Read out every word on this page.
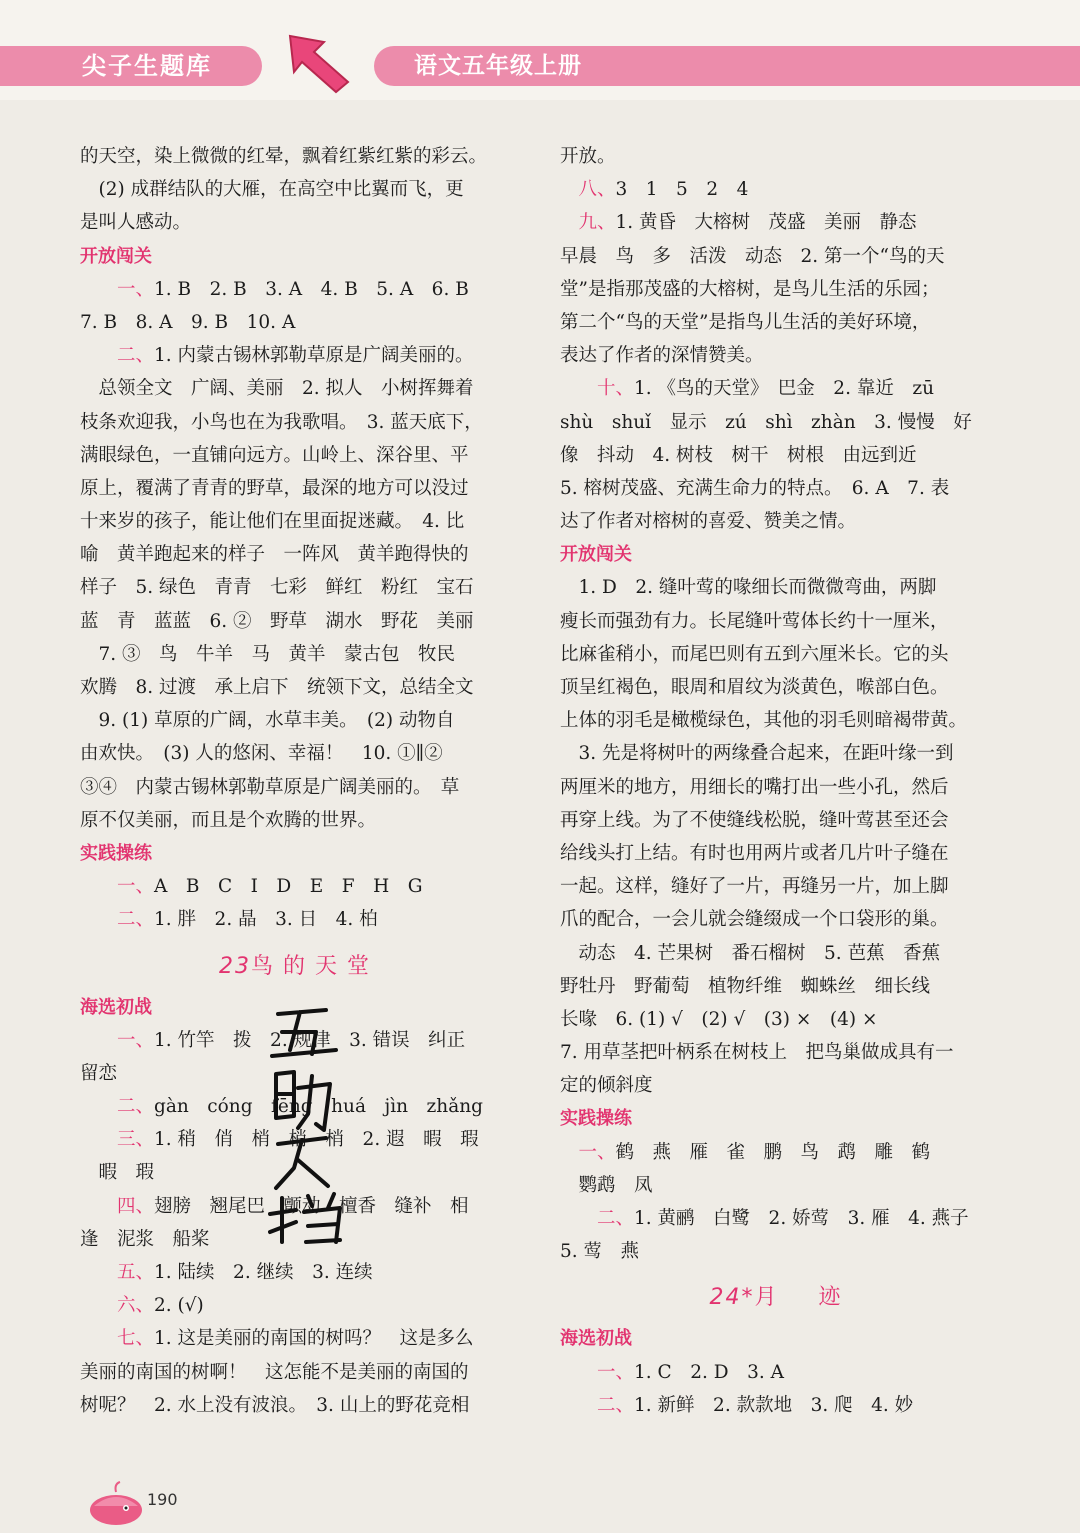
尖子生题库	语文五年级上册
的天空，染上微微的红晕，飘着红紫红紫的彩云。
　(2) 成群结队的大雁，在高空中比翼而飞，更
是叫人感动。
开放闯关
　　一、1. B　2. B　3. A　4. B　5. A　6. B
7. B　8. A　9. B　10. A
　　二、1. 内蒙古锡林郭勒草原是广阔美丽的。
　总领全文　广阔、美丽　2. 拟人　小树挥舞着
枝条欢迎我，小鸟也在为我歌唱。　3. 蓝天底下，
满眼绿色，一直铺向远方。山岭上、深谷里、平
原上，覆满了青青的野草，最深的地方可以没过
十来岁的孩子，能让他们在里面捉迷藏。　4. 比
喻　黄羊跑起来的样子　一阵风　黄羊跑得快的
样子　5. 绿色　青青　七彩　鲜红　粉红　宝石
蓝　青　蓝蓝　6. ②　野草　湖水　野花　美丽
　7. ③　鸟　牛羊　马　黄羊　蒙古包　牧民
欢腾　8. 过渡　承上启下　统领下文，总结全文
　9. (1) 草原的广阔，水草丰美。　(2) 动物自
由欢快。　(3) 人的悠闲、幸福！　10. ①∥②
③④　内蒙古锡林郭勒草原是广阔美丽的。　草
原不仅美丽，而且是个欢腾的世界。
实践操练
　　一、A　B　C　I　D　E　F　H　G
　　二、1. 胖　2. 晶　3. 日　4. 柏
23鸟的天堂
海选初战
　　一、1. 竹竿　拨　2. 规律　3. 错误　纠正
留恋
　　二、gàn　cóng　fēng　huá　jìn　zhǎng
　　三、1. 稍　俏　梢　梢　梢　2. 遐　暇　瑕
　暇　瑕
　　四、翅膀　翘尾巴　颤动　檀香　缝补　相
逢　泥浆　船桨
　　五、1. 陆续　2. 继续　3. 连续
　　六、2. (√)
　　七、1. 这是美丽的南国的树吗？　这是多么
美丽的南国的树啊！　这怎能不是美丽的南国的
树呢？　2. 水上没有波浪。　3. 山上的野花竞相
开放。
　八、3　1　5　2　4
　九、1. 黄昏　大榕树　茂盛　美丽　静态
早晨　鸟　多　活泼　动态　2. 第一个“鸟的天
堂”是指那茂盛的大榕树，是鸟儿生活的乐园；
第二个“鸟的天堂”是指鸟儿生活的美好环境，
表达了作者的深情赞美。
　　十、1. 《鸟的天堂》　巴金　2. 靠近　zū
shù　shuǐ　显示　zú　shì　zhàn　3. 慢慢　好
像　抖动　4. 树枝　树干　树根　由远到近
5. 榕树茂盛、充满生命力的特点。　6. A　7. 表
达了作者对榕树的喜爱、赞美之情。
开放闯关
　1. D　2. 缝叶莺的喙细长而微微弯曲，两脚
瘦长而强劲有力。长尾缝叶莺体长约十一厘米，
比麻雀稍小，而尾巴则有五到六厘米长。它的头
顶呈红褐色，眼周和眉纹为淡黄色，喉部白色。
上体的羽毛是橄榄绿色，其他的羽毛则暗褐带黄。
　3. 先是将树叶的两缘叠合起来，在距叶缘一到
两厘米的地方，用细长的嘴打出一些小孔，然后
再穿上线。为了不使缝线松脱，缝叶莺甚至还会
给线头打上结。有时也用两片或者几片叶子缝在
一起。这样，缝好了一片，再缝另一片，加上脚
爪的配合，一会儿就会缝缀成一个口袋形的巢。
　动态　4. 芒果树　番石榴树　5. 芭蕉　香蕉
野牡丹　野葡萄　植物纤维　蜘蛛丝　细长线
长喙　6. (1) √　(2) √　(3) ×　(4) ×
7. 用草茎把叶柄系在树枝上　把鸟巢做成具有一
定的倾斜度
实践操练
　一、鹤　燕　雁　雀　鹏　鸟　鹉　雕　鹤
　鹦鹉　凤
　　二、1. 黄鹂　白鹭　2. 娇莺　3. 雁　4. 燕子
5. 莺　燕
24*月　迹
海选初战
　　一、1. C　2. D　3. A
　　二、1. 新鲜　2. 款款地　3. 爬　4. 妙
190
